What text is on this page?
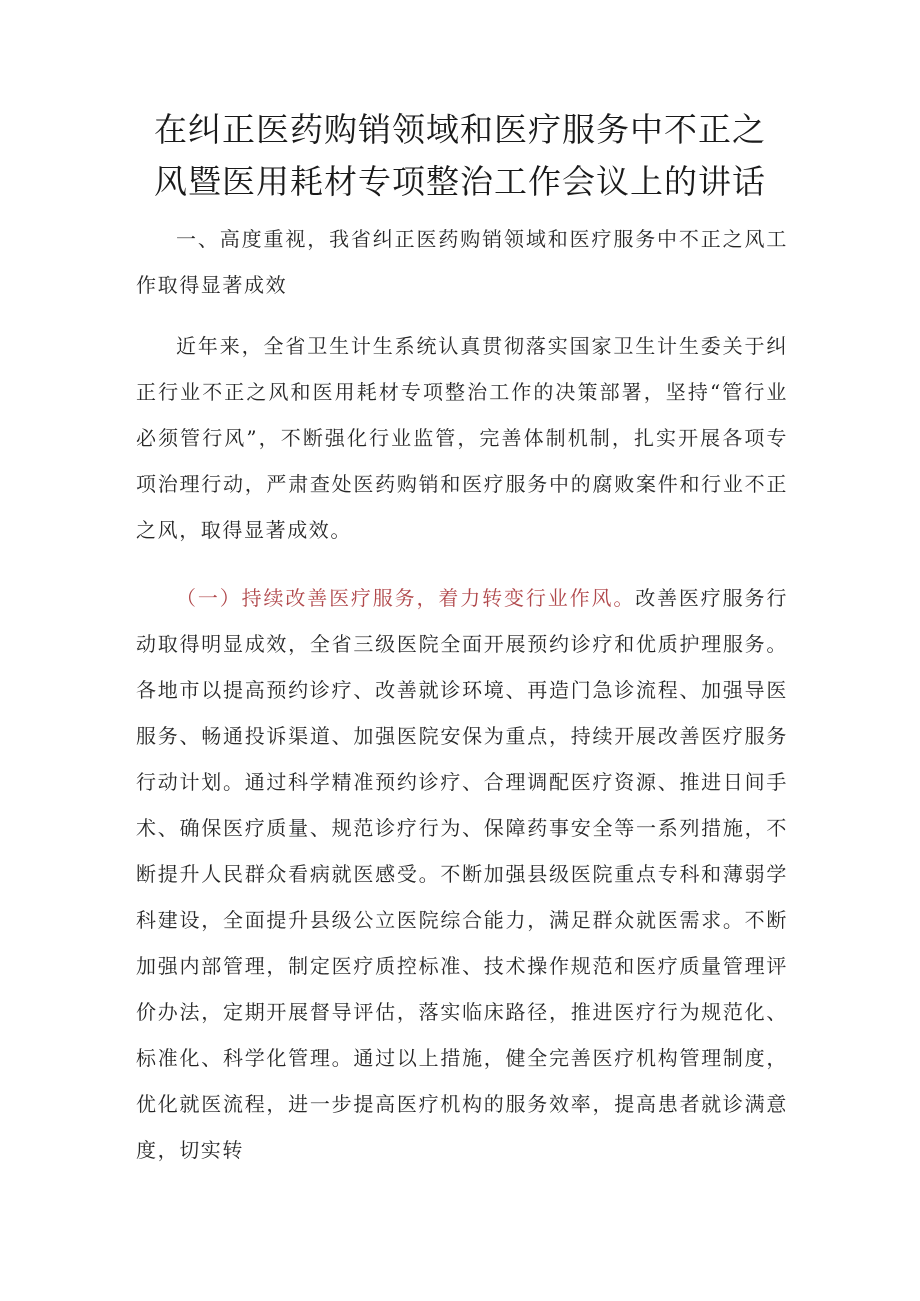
在纠正医药购销领域和医疗服务中不正之
风暨医用耗材专项整治工作会议上的讲话

一、高度重视，我省纠正医药购销领域和医疗服务中不正之风工作取得显著成效

近年来，全省卫生计生系统认真贯彻落实国家卫生计生委关于纠正行业不正之风和医用耗材专项整治工作的决策部署，坚持“管行业必须管行风”，不断强化行业监管，完善体制机制，扎实开展各项专项治理行动，严肃查处医药购销和医疗服务中的腐败案件和行业不正之风，取得显著成效。

（一）持续改善医疗服务，着力转变行业作风。改善医疗服务行动取得明显成效，全省三级医院全面开展预约诊疗和优质护理服务。各地市以提高预约诊疗、改善就诊环境、再造门急诊流程、加强导医服务、畅通投诉渠道、加强医院安保为重点，持续开展改善医疗服务行动计划。通过科学精准预约诊疗、合理调配医疗资源、推进日间手术、确保医疗质量、规范诊疗行为、保障药事安全等一系列措施，不断提升人民群众看病就医感受。不断加强县级医院重点专科和薄弱学科建设，全面提升县级公立医院综合能力，满足群众就医需求。不断加强内部管理，制定医疗质控标准、技术操作规范和医疗质量管理评价办法，定期开展督导评估，落实临床路径，推进医疗行为规范化、标准化、科学化管理。通过以上措施，健全完善医疗机构管理制度，优化就医流程，进一步提高医疗机构的服务效率，提高患者就诊满意度，切实转
